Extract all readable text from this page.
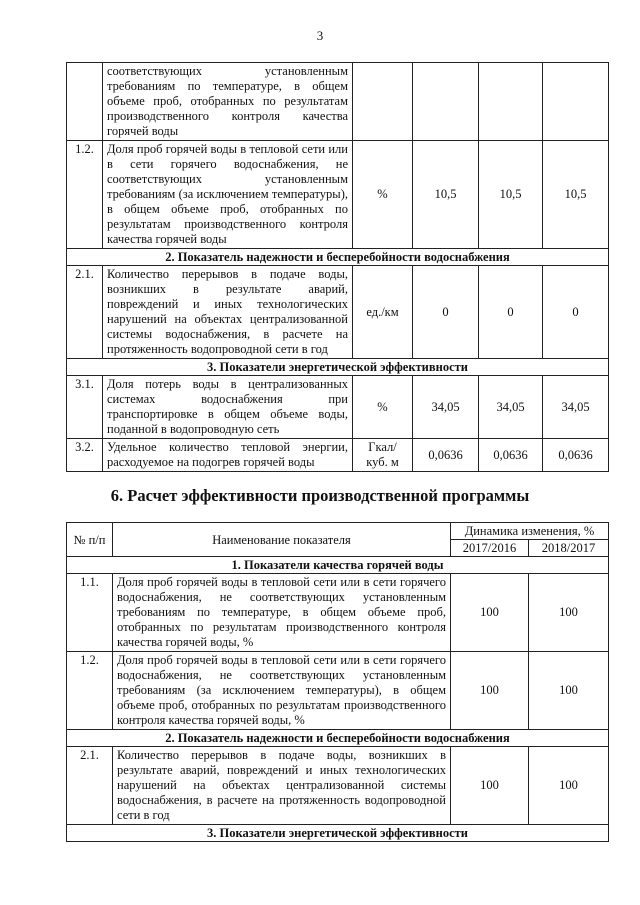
3
	соответствующих установленным требованиям по температуре, в общем объеме проб, отобранных по результатам производственного контроля качества горячей воды				
1.2.	Доля проб горячей воды в тепловой сети или в сети горячего водоснабжения, не соответствующих установленным требованиям (за исключением температуры), в общем объеме проб, отобранных по результатам производственного контроля качества горячей воды	%	10,5	10,5	10,5
2. Показатель надежности и бесперебойности водоснабжения					
2.1.	Количество перерывов в подаче воды, возникших в результате аварий, повреждений и иных технологических нарушений на объектах централизованной системы водоснабжения, в расчете на протяженность водопроводной сети в год	ед./км	0	0	0
3. Показатели энергетической эффективности					
3.1.	Доля потерь воды в централизованных системах водоснабжения при транспортировке в общем объеме воды, поданной в водопроводную сеть	%	34,05	34,05	34,05
3.2.	Удельное количество тепловой энергии, расходуемое на подогрев горячей воды	Гкал/ куб. м	0,0636	0,0636	0,0636
6. Расчет эффективности производственной программы
№ п/п	Наименование показателя	Динамика изменения, %	
		2017/2016	2018/2017
1. Показатели качества горячей воды			
1.1.	Доля проб горячей воды в тепловой сети или в сети горячего водоснабжения, не соответствующих установленным требованиям по температуре, в общем объеме проб, отобранных по результатам производственного контроля качества горячей воды, %	100	100
1.2.	Доля проб горячей воды в тепловой сети или в сети горячего водоснабжения, не соответствующих установленным требованиям (за исключением температуры), в общем объеме проб, отобранных по результатам производственного контроля качества горячей воды, %	100	100
2. Показатель надежности и бесперебойности водоснабжения			
2.1.	Количество перерывов в подаче воды, возникших в результате аварий, повреждений и иных технологических нарушений на объектах централизованной системы водоснабжения, в расчете на протяженность водопроводной сети в год	100	100
3. Показатели энергетической эффективности			
